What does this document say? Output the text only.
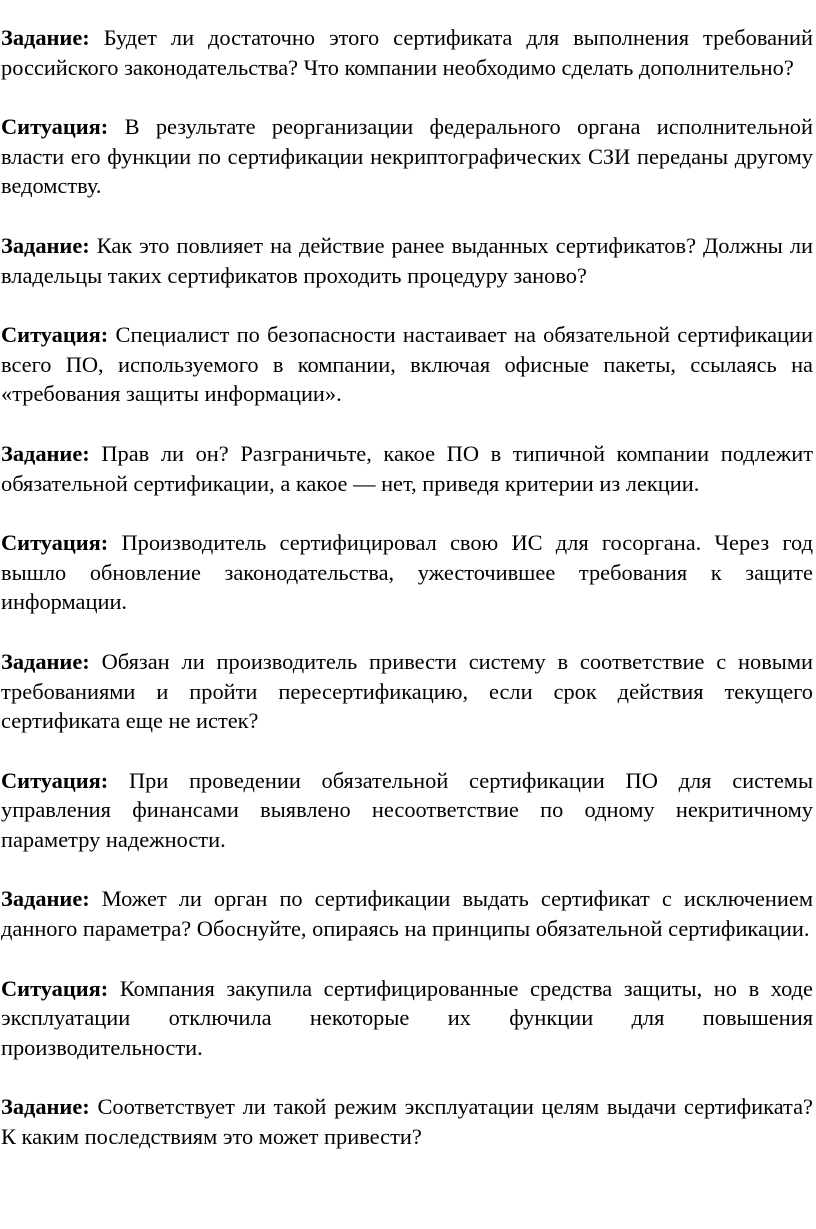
Задание: Будет ли достаточно этого сертификата для выполнения требований российского законодательства? Что компании необходимо сделать дополнительно?

Ситуация: В результате реорганизации федерального органа исполнительной власти его функции по сертификации некриптографических СЗИ переданы другому ведомству.

Задание: Как это повлияет на действие ранее выданных сертификатов? Должны ли владельцы таких сертификатов проходить процедуру заново?

Ситуация: Специалист по безопасности настаивает на обязательной сертификации всего ПО, используемого в компании, включая офисные пакеты, ссылаясь на «требования защиты информации».

Задание: Прав ли он? Разграничьте, какое ПО в типичной компании подлежит обязательной сертификации, а какое — нет, приведя критерии из лекции.

Ситуация: Производитель сертифицировал свою ИС для госоргана. Через год вышло обновление законодательства, ужесточившее требования к защите информации.

Задание: Обязан ли производитель привести систему в соответствие с новыми требованиями и пройти пересертификацию, если срок действия текущего сертификата еще не истек?

Ситуация: При проведении обязательной сертификации ПО для системы управления финансами выявлено несоответствие по одному некритичному параметру надежности.

Задание: Может ли орган по сертификации выдать сертификат с исключением данного параметра? Обоснуйте, опираясь на принципы обязательной сертификации.

Ситуация: Компания закупила сертифицированные средства защиты, но в ходе эксплуатации отключила некоторые их функции для повышения производительности.

Задание: Соответствует ли такой режим эксплуатации целям выдачи сертификата? К каким последствиям это может привести?
